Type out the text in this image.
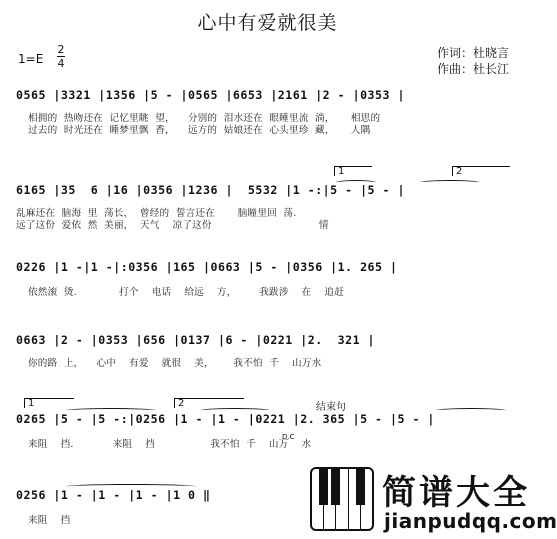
心中有爱就很美
1=E
2
4
作词：杜晓言
作曲：杜长江
0565 |3321 |1356 |5 - |0565 |6653 |2161 |2 - |0353 |
相拥的  热吻还在  记忆里眺  望，    分别的  泪水还在  眼睡里流  淌，     相思的
过去的  时光还在  睡梦里飘  香，    远方的  姑娘还在  心头里珍  藏，     人隅
1	2
6165 |35  6 |16 |0356 |1236 |  5532 |1 -:|5 - |5 - |
乱麻还在  脑海  里  荡长，  曾经的  誓言还在       脑瞳里回  荡.
远了这份  爱依  然  美丽，  天气    凉了这份                                 情
0226 |1 -|1 -|:0356 |165 |0663 |5 - |0356 |1. 265 |
依然滚  烫.             打个    电话    给远    方，       我跋涉    在    追赶
0663 |2 - |0353 |656 |0137 |6 - |0221 |2.  321 |
你的路  上，    心中    有爱    就很    美，      我不怕  千    山万水
1	2	结束句
0265 |5 - |5 -:|0256 |1 - |1 - |0221 |2. 365 |5 - |5 - |
D.C
来阻    挡.            来阻    挡                 我不怕  千    山万    水
0256 |1 - |1 - |1 - |1 0 ‖
来阻    挡
简谱大全
jianpudqq.com
